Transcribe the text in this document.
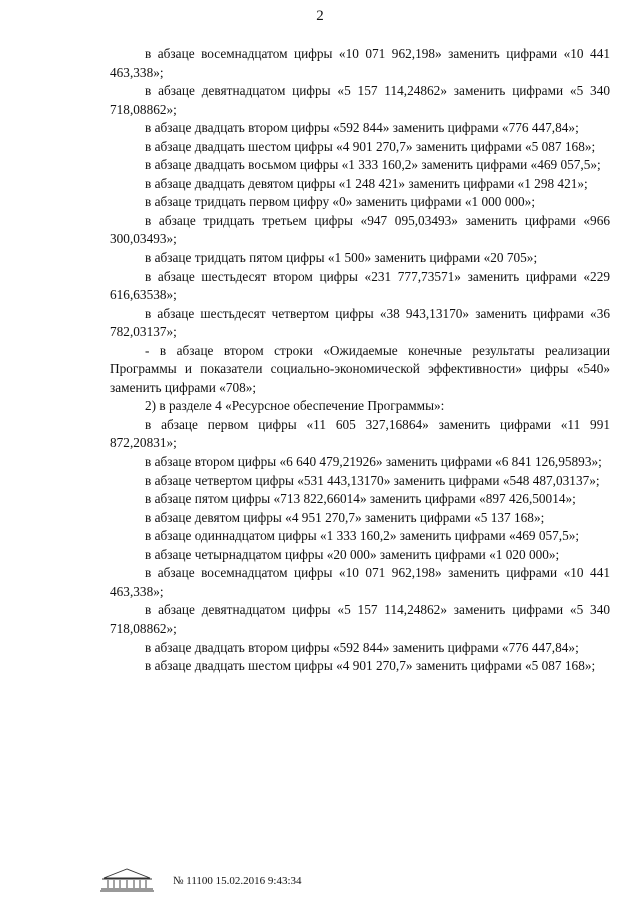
2

в абзаце восемнадцатом цифры «10 071 962,198» заменить цифрами «10 441 463,338»;

в абзаце девятнадцатом цифры «5 157 114,24862» заменить цифрами «5 340 718,08862»;

в абзаце двадцать втором цифры «592 844» заменить цифрами «776 447,84»;

в абзаце двадцать шестом цифры «4 901 270,7» заменить цифрами «5 087 168»;

в абзаце двадцать восьмом цифры «1 333 160,2» заменить цифрами «469 057,5»;

в абзаце двадцать девятом цифры «1 248 421» заменить цифрами «1 298 421»;

в абзаце тридцать первом цифру «0» заменить цифрами «1 000 000»;

в абзаце тридцать третьем цифры «947 095,03493» заменить цифрами «966 300,03493»;

в абзаце тридцать пятом цифры «1 500» заменить цифрами «20 705»;

в абзаце шестьдесят втором цифры «231 777,73571» заменить цифрами «229 616,63538»;

в абзаце шестьдесят четвертом цифры «38 943,13170» заменить цифрами «36 782,03137»;

- в абзаце втором строки «Ожидаемые конечные результаты реализации Программы и показатели социально-экономической эффективности» цифры «540» заменить цифрами «708»;

2) в разделе 4 «Ресурсное обеспечение Программы»:

в абзаце первом цифры «11 605 327,16864» заменить цифрами «11 991 872,20831»;

в абзаце втором цифры «6 640 479,21926» заменить цифрами «6 841 126,95893»;

в абзаце четвертом цифры «531 443,13170» заменить цифрами «548 487,03137»;

в абзаце пятом цифры «713 822,66014» заменить цифрами «897 426,50014»;

в абзаце девятом цифры «4 951 270,7» заменить цифрами «5 137 168»;

в абзаце одиннадцатом цифры «1 333 160,2» заменить цифрами «469 057,5»;

в абзаце четырнадцатом цифры «20 000» заменить цифрами «1 020 000»;

в абзаце восемнадцатом цифры «10 071 962,198» заменить цифрами «10 441 463,338»;

в абзаце девятнадцатом цифры «5 157 114,24862» заменить цифрами «5 340 718,08862»;

в абзаце двадцать втором цифры «592 844» заменить цифрами «776 447,84»;

в абзаце двадцать шестом цифры «4 901 270,7» заменить цифрами «5 087 168»;

№ 11100 15.02.2016 9:43:34
